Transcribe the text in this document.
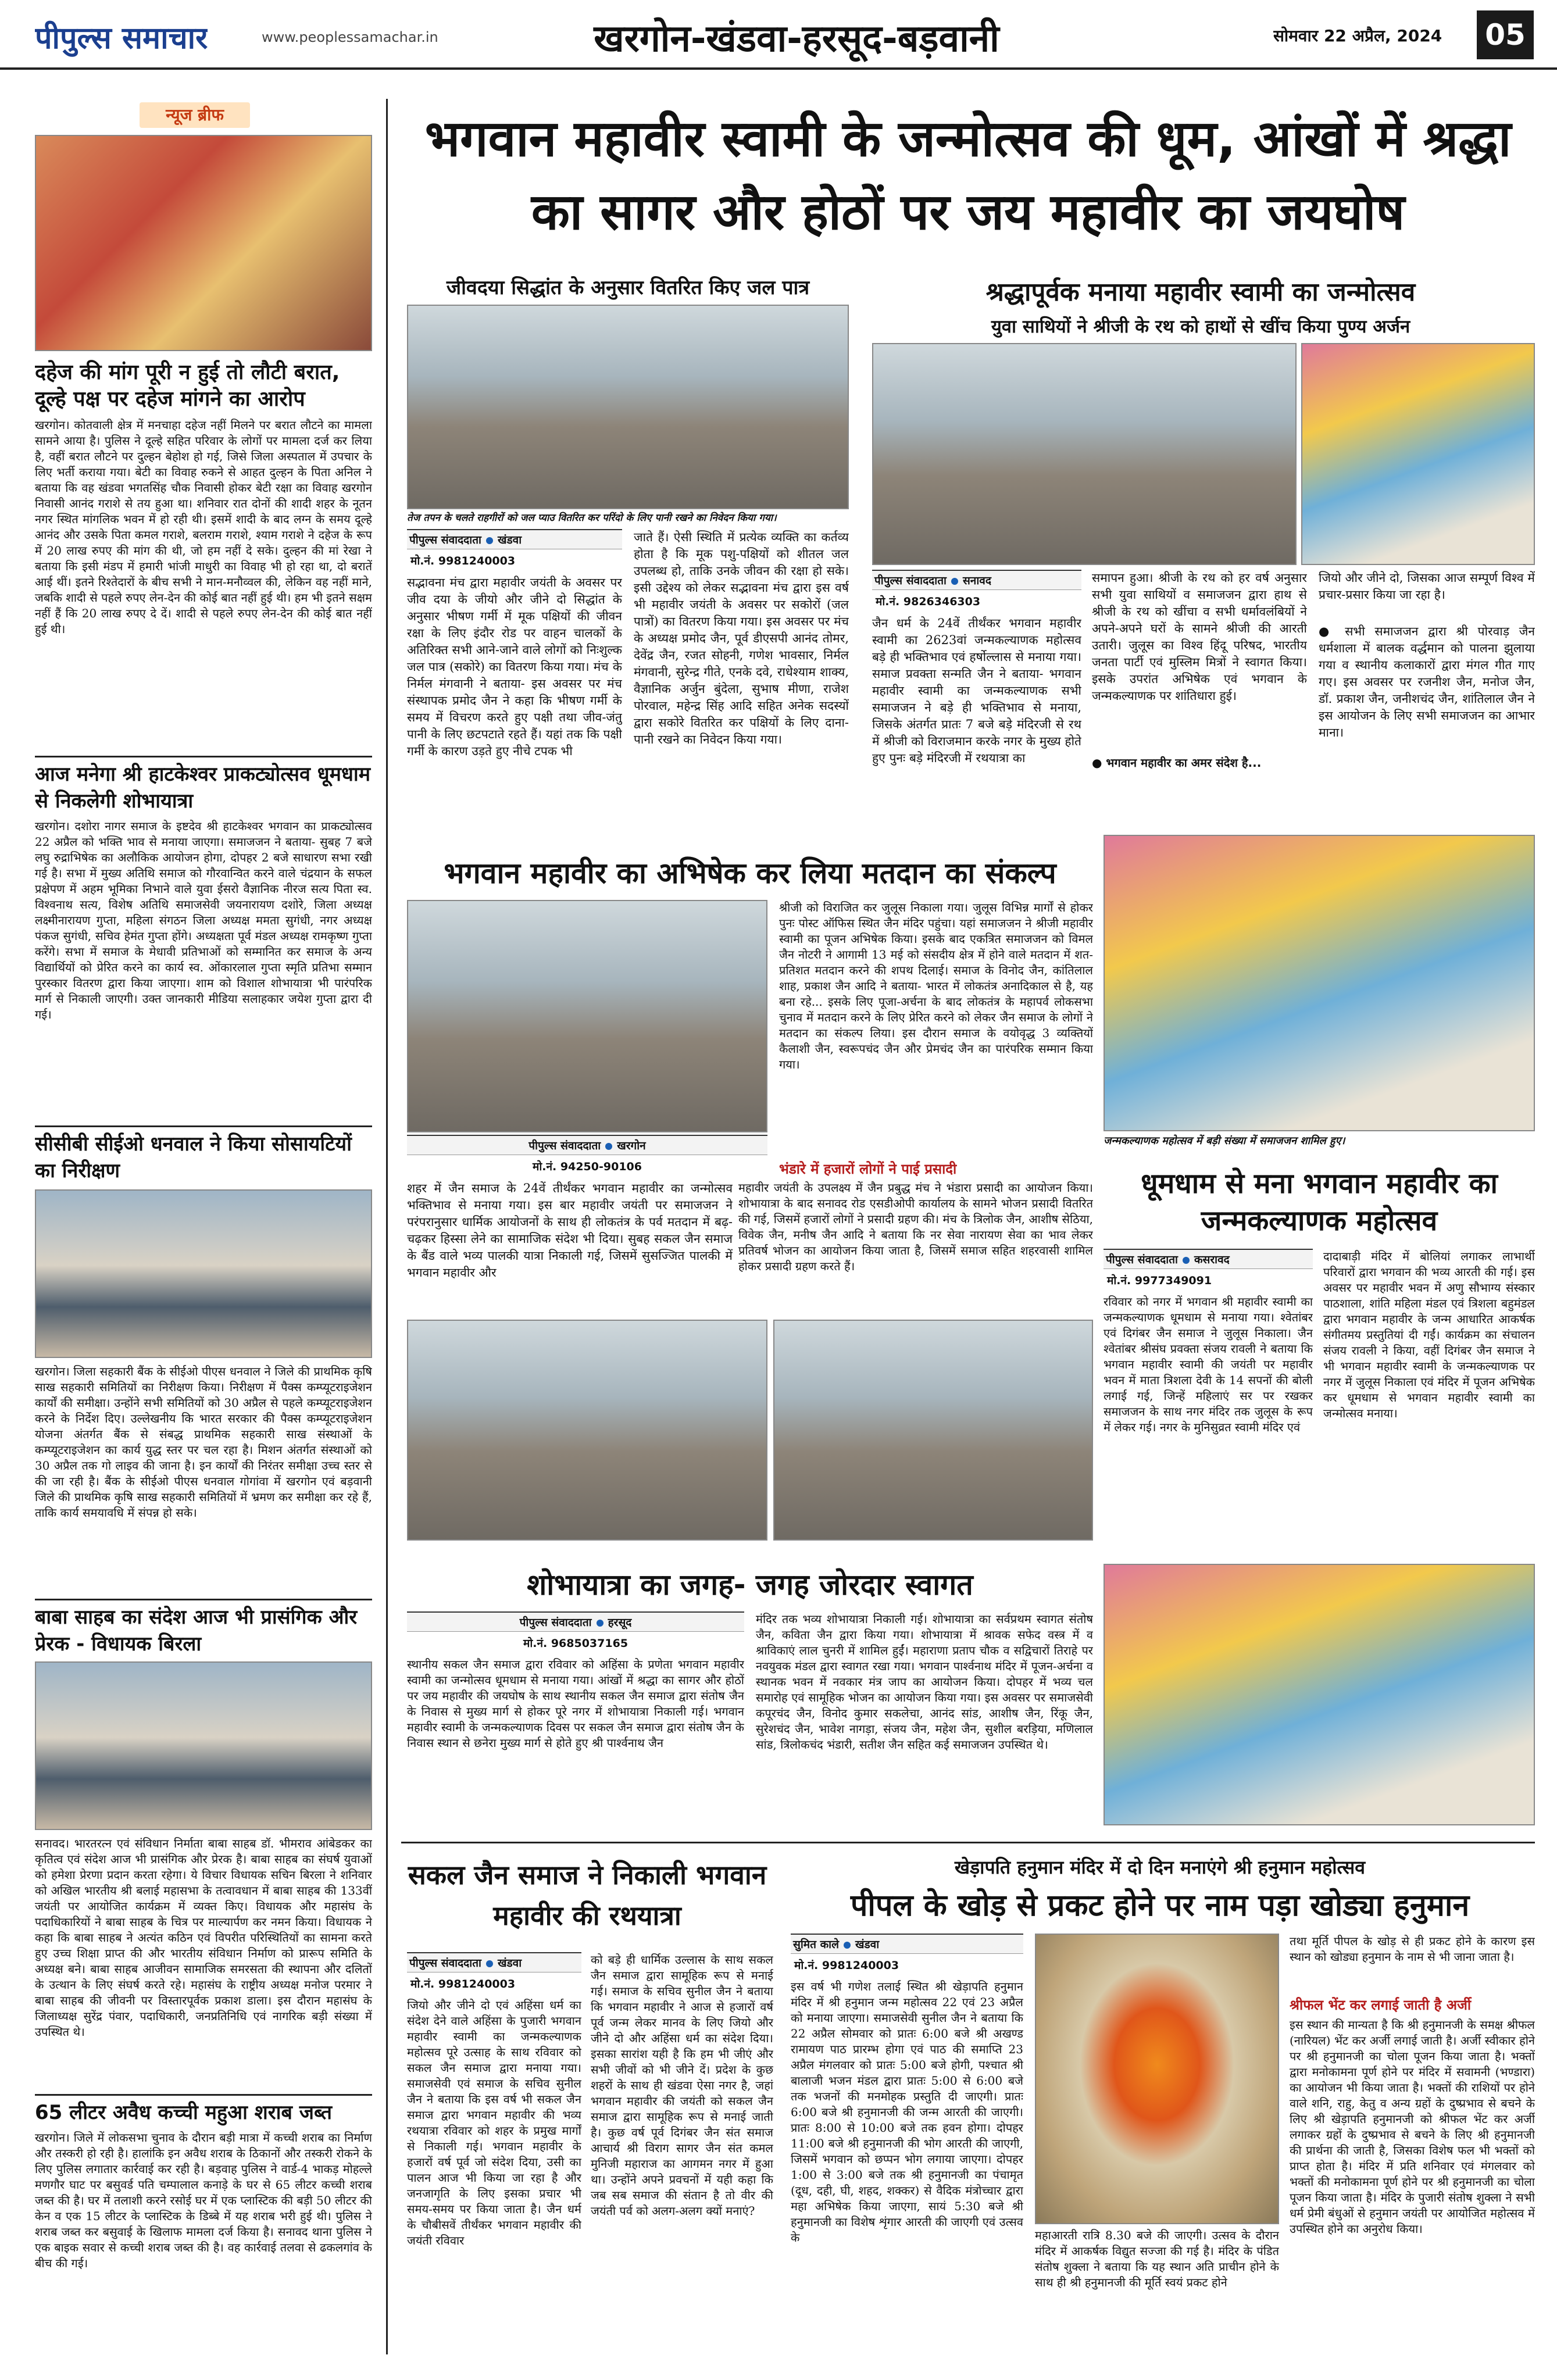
पीपुल्स समाचार	www.peoplessamachar.in	खरगोन-खंडवा-हरसूद-बड़वानी	सोमवार 22 अप्रैल, 2024 05
न्यूज ब्रीफ
दहेज की मांग पूरी न हुई तो लौटी बरात, दूल्हे पक्ष पर दहेज मांगने का आरोप
खरगोन। कोतवाली क्षेत्र में मनचाहा दहेज नहीं मिलने पर बरात लौटने का मामला सामने आया है। पुलिस ने दूल्हे सहित परिवार के लोगों पर मामला दर्ज कर लिया है, वहीं बरात लौटने पर दुल्हन बेहोश हो गई, जिसे जिला अस्पताल में उपचार के लिए भर्ती कराया गया। बेटी का विवाह रुकने से आहत दुल्हन के पिता अनिल ने बताया कि वह खंडवा भगतसिंह चौक निवासी होकर बेटी रक्षा का विवाह खरगोन निवासी आनंद गराशे से तय हुआ था। शनिवार रात दोनों की शादी शहर के नूतन नगर स्थित मांगलिक भवन में हो रही थी। इसमें शादी के बाद लग्न के समय दूल्हे आनंद और उसके पिता कमल गराशे, बलराम गराशे, श्याम गराशे ने दहेज के रूप में 20 लाख रुपए की मांग की थी, जो हम नहीं दे सके। दुल्हन की मां रेखा ने बताया कि इसी मंडप में हमारी भांजी माधुरी का विवाह भी हो रहा था, दो बरातें आई थीं। इतने रिश्तेदारों के बीच सभी ने मान-मनौव्वल की, लेकिन वह नहीं माने, जबकि शादी से पहले रुपए लेन-देन की कोई बात नहीं हुई थी। हम भी इतने सक्षम नहीं हैं कि 20 लाख रुपए दे दें। शादी से पहले रुपए लेन-देन की कोई बात नहीं हुई थी।
आज मनेगा श्री हाटकेश्वर प्राकट्योत्सव धूमधाम से निकलेगी शोभायात्रा
खरगोन। दशोरा नागर समाज के इष्टदेव श्री हाटकेश्वर भगवान का प्राकट्योत्सव 22 अप्रैल को भक्ति भाव से मनाया जाएगा। समाजजन ने बताया- सुबह 7 बजे लघु रुद्राभिषेक का अलौकिक आयोजन होगा, दोपहर 2 बजे साधारण सभा रखी गई है। सभा में मुख्य अतिथि समाज को गौरवान्वित करने वाले चंद्रयान के सफल प्रक्षेपण में अहम भूमिका निभाने वाले युवा ईसरो वैज्ञानिक नीरज सत्य पिता स्व. विश्वनाथ सत्य, विशेष अतिथि समाजसेवी जयनारायण दशोरे, जिला अध्यक्ष लक्ष्मीनारायण गुप्ता, महिला संगठन जिला अध्यक्ष ममता सुगंधी, नगर अध्यक्ष पंकज सुगंधी, सचिव हेमंत गुप्ता होंगे। अध्यक्षता पूर्व मंडल अध्यक्ष रामकृष्ण गुप्ता करेंगे। सभा में समाज के मेधावी प्रतिभाओं को सम्मानित कर समाज के अन्य विद्यार्थियों को प्रेरित करने का कार्य स्व. ओंकारलाल गुप्ता स्मृति प्रतिभा सम्मान पुरस्कार वितरण द्वारा किया जाएगा। शाम को विशाल शोभायात्रा भी पारंपरिक मार्ग से निकाली जाएगी। उक्त जानकारी मीडिया सलाहकार जयेश गुप्ता द्वारा दी गई।
सीसीबी सीईओ धनवाल ने किया सोसायटियों का निरीक्षण
खरगोन। जिला सहकारी बैंक के सीईओ पीएस धनवाल ने जिले की प्राथमिक कृषि साख सहकारी समितियों का निरीक्षण किया। निरीक्षण में पैक्स कम्प्यूटराइजेशन कार्यों की समीक्षा। उन्होंने सभी समितियों को 30 अप्रैल से पहले कम्प्यूटराइजेशन करने के निर्देश दिए। उल्लेखनीय कि भारत सरकार की पैक्स कम्प्यूटराइजेशन योजना अंतर्गत बैंक से संबद्ध प्राथमिक सहकारी साख संस्थाओं के कम्प्यूटराइजेशन का कार्य युद्ध स्तर पर चल रहा है। मिशन अंतर्गत संस्थाओं को 30 अप्रैल तक गो लाइव की जाना है। इन कार्यों की निरंतर समीक्षा उच्च स्तर से की जा रही है। बैंक के सीईओ पीएस धनवाल गोगांवा में खरगोन एवं बड़वानी जिले की प्राथमिक कृषि साख सहकारी समितियों में भ्रमण कर समीक्षा कर रहे हैं, ताकि कार्य समयावधि में संपन्न हो सके।
बाबा साहब का संदेश आज भी प्रासंगिक और प्रेरक - विधायक बिरला
सनावद। भारतरत्न एवं संविधान निर्माता बाबा साहब डॉ. भीमराव आंबेडकर का कृतित्व एवं संदेश आज भी प्रासंगिक और प्रेरक है। बाबा साहब का संघर्ष युवाओं को हमेशा प्रेरणा प्रदान करता रहेगा। ये विचार विधायक सचिन बिरला ने शनिवार को अखिल भारतीय श्री बलाई महासभा के तत्वावधान में बाबा साहब की 133वीं जयंती पर आयोजित कार्यक्रम में व्यक्त किए। विधायक और महासंघ के पदाधिकारियों ने बाबा साहब के चित्र पर माल्यार्पण कर नमन किया। विधायक ने कहा कि बाबा साहब ने अत्यंत कठिन एवं विपरीत परिस्थितियों का सामना करते हुए उच्च शिक्षा प्राप्त की और भारतीय संविधान निर्माण को प्रारूप समिति के अध्यक्ष बने। बाबा साहब आजीवन सामाजिक समरसता की स्थापना और दलितों के उत्थान के लिए संघर्ष करते रहे। महासंघ के राष्ट्रीय अध्यक्ष मनोज परमार ने बाबा साहब की जीवनी पर विस्तारपूर्वक प्रकाश डाला। इस दौरान महासंघ के जिलाध्यक्ष सुरेंद्र पंवार, पदाधिकारी, जनप्रतिनिधि एवं नागरिक बड़ी संख्या में उपस्थित थे।
65 लीटर अवैध कच्ची महुआ शराब जब्त
खरगोन। जिले में लोकसभा चुनाव के दौरान बड़ी मात्रा में कच्ची शराब का निर्माण और तस्करी हो रही है। हालांकि इन अवैध शराब के ठिकानों और तस्करी रोकने के लिए पुलिस लगातार कार्रवाई कर रही है। बड़वाह पुलिस ने वार्ड-4 भाकड़ मोहल्ले मणगौर घाट पर बसुवर्ड पति चम्पालाल कनाड़े के घर से 65 लीटर कच्ची शराब जब्त की है। घर में तलाशी करने रसोई घर में एक प्लास्टिक की बड़ी 50 लीटर की केन व एक 15 लीटर के प्लास्टिक के डिब्बे में यह शराब भरी हुई थी। पुलिस ने शराब जब्त कर बसुवाई के खिलाफ मामला दर्ज किया है। सनावद थाना पुलिस ने एक बाइक सवार से कच्ची शराब जब्त की है। वह कार्रवाई तलवा से ढकलगांव के बीच की गई।
भगवान महावीर स्वामी के जन्मोत्सव की धूम, आंखों में श्रद्धा का सागर और होठों पर जय महावीर का जयघोष
जीवदया सिद्धांत के अनुसार वितरित किए जल पात्र
तेज तपन के चलते राहगीरों को जल प्याउ वितरित कर परिंदो के लिए पानी रखने का निवेदन किया गया।
पीपुल्स संवाददाता खंडवा
मो.नं. 9981240003
सद्भावना मंच द्वारा महावीर जयंती के अवसर पर जीव दया के जीयो और जीने दो सिद्धांत के अनुसार भीषण गर्मी में मूक पक्षियों की जीवन रक्षा के लिए इंदौर रोड पर वाहन चालकों के अतिरिक्त सभी आने-जाने वाले लोगों को निःशुल्क जल पात्र (सकोरे) का वितरण किया गया। मंच के निर्मल मंगवानी ने बताया- इस अवसर पर मंच संस्थापक प्रमोद जैन ने कहा कि भीषण गर्मी के समय में विचरण करते हुए पक्षी तथा जीव-जंतु पानी के लिए छटपटाते रहते हैं। यहां तक कि पक्षी गर्मी के कारण उड़ते हुए नीचे टपक भी
जाते हैं। ऐसी स्थिति में प्रत्येक व्यक्ति का कर्तव्य होता है कि मूक पशु-पक्षियों को शीतल जल उपलब्ध हो, ताकि उनके जीवन की रक्षा हो सके। इसी उद्देश्य को लेकर सद्भावना मंच द्वारा इस वर्ष भी महावीर जयंती के अवसर पर सकोरों (जल पात्रों) का वितरण किया गया। इस अवसर पर मंच के अध्यक्ष प्रमोद जैन, पूर्व डीएसपी आनंद तोमर, देवेंद्र जैन, रजत सोहनी, गणेश भावसार, निर्मल मंगवानी, सुरेन्द्र गीते, एनके दवे, राधेश्याम शाक्य, वैज्ञानिक अर्जुन बुंदेला, सुभाष मीणा, राजेश पोरवाल, महेन्द्र सिंह आदि सहित अनेक सदस्यों द्वारा सकोरे वितरित कर पक्षियों के लिए दाना-पानी रखने का निवेदन किया गया।
श्रद्धापूर्वक मनाया महावीर स्वामी का जन्मोत्सव
युवा साथियों ने श्रीजी के रथ को हाथों से खींच किया पुण्य अर्जन
पीपुल्स संवाददाता सनावद
मो.नं. 9826346303
जैन धर्म के 24वें तीर्थंकर भगवान महावीर स्वामी का 2623वां जन्मकल्याणक महोत्सव बड़े ही भक्तिभाव एवं हर्षोल्लास से मनाया गया। समाज प्रवक्ता सन्मति जैन ने बताया- भगवान महावीर स्वामी का जन्मकल्याणक सभी समाजजन ने बड़े ही भक्तिभाव से मनाया, जिसके अंतर्गत प्रातः 7 बजे बड़े मंदिरजी से रथ में श्रीजी को विराजमान करके नगर के मुख्य होते हुए पुनः बड़े मंदिरजी में रथयात्रा का
समापन हुआ। श्रीजी के रथ को हर वर्ष अनुसार सभी युवा साथियों व समाजजन द्वारा हाथ से श्रीजी के रथ को खींचा व सभी धर्मावलंबियों ने अपने-अपने घरों के सामने श्रीजी की आरती उतारी। जुलूस का विश्व हिंदू परिषद, भारतीय जनता पार्टी एवं मुस्लिम मित्रों ने स्वागत किया। इसके उपरांत अभिषेक एवं भगवान के जन्मकल्याणक पर शांतिधारा हुई।
● भगवान महावीर का अमर संदेश है...
जियो और जीने दो, जिसका आज सम्पूर्ण विश्व में प्रचार-प्रसार किया जा रहा है।
● सभी समाजजन द्वारा श्री पोरवाड़ जैन धर्मशाला में बालक वर्द्धमान को पालना झुलाया गया व स्थानीय कलाकारों द्वारा मंगल गीत गाए गए। इस अवसर पर रजनीश जैन, मनोज जैन, डॉ. प्रकाश जैन, जनीशचंद जैन, शांतिलाल जैन ने इस आयोजन के लिए सभी समाजजन का आभार माना।
भगवान महावीर का अभिषेक कर लिया मतदान का संकल्प
पीपुल्स संवाददाता खरगोन
मो.नं. 94250-90106
शहर में जैन समाज के 24वें तीर्थंकर भगवान महावीर का जन्मोत्सव भक्तिभाव से मनाया गया। इस बार महावीर जयंती पर समाजजन ने परंपरानुसार धार्मिक आयोजनों के साथ ही लोकतंत्र के पर्व मतदान में बढ़-चढ़कर हिस्सा लेने का सामाजिक संदेश भी दिया। सुबह सकल जैन समाज के बैंड वाले भव्य पालकी यात्रा निकाली गई, जिसमें सुसज्जित पालकी में भगवान महावीर और
श्रीजी को विराजित कर जुलूस निकाला गया। जुलूस विभिन्न मार्गों से होकर पुनः पोस्ट ऑफिस स्थित जैन मंदिर पहुंचा। यहां समाजजन ने श्रीजी महावीर स्वामी का पूजन अभिषेक किया। इसके बाद एकत्रित समाजजन को विमल जैन नोटरी ने आगामी 13 मई को संसदीय क्षेत्र में होने वाले मतदान में शत-प्रतिशत मतदान करने की शपथ दिलाई। समाज के विनोद जैन, कांतिलाल शाह, प्रकाश जैन आदि ने बताया- भारत में लोकतंत्र अनादिकाल से है, यह बना रहे... इसके लिए पूजा-अर्चना के बाद लोकतंत्र के महापर्व लोकसभा चुनाव में मतदान करने के लिए प्रेरित करने को लेकर जैन समाज के लोगों ने मतदान का संकल्प लिया। इस दौरान समाज के वयोवृद्ध 3 व्यक्तियों कैलाशी जैन, स्वरूपचंद जैन और प्रेमचंद जैन का पारंपरिक सम्मान किया गया।
भंडारे में हजारों लोगों ने पाई प्रसादी
महावीर जयंती के उपलक्ष्य में जैन प्रबुद्ध मंच ने भंडारा प्रसादी का आयोजन किया। शोभायात्रा के बाद सनावद रोड एसडीओपी कार्यालय के सामने भोजन प्रसादी वितरित की गई, जिसमें हजारों लोगों ने प्रसादी ग्रहण की। मंच के त्रिलोक जैन, आशीष सेठिया, विवेक जैन, मनीष जैन आदि ने बताया कि नर सेवा नारायण सेवा का भाव लेकर प्रतिवर्ष भोजन का आयोजन किया जाता है, जिसमें समाज सहित शहरवासी शामिल होकर प्रसादी ग्रहण करते हैं।
जन्मकल्याणक महोत्सव में बड़ी संख्या में समाजजन शामिल हुए।
धूमधाम से मना भगवान महावीर का जन्मकल्याणक महोत्सव
पीपुल्स संवाददाता कसरावद
मो.नं. 9977349091
रविवार को नगर में भगवान श्री महावीर स्वामी का जन्मकल्याणक धूमधाम से मनाया गया। श्वेतांबर एवं दिगंबर जैन समाज ने जुलूस निकाला। जैन श्वेतांबर श्रीसंघ प्रवक्ता संजय रावली ने बताया कि भगवान महावीर स्वामी की जयंती पर महावीर भवन में माता त्रिशला देवी के 14 सपनों की बोली लगाई गई, जिन्हें महिलाएं सर पर रखकर समाजजन के साथ नगर मंदिर तक जुलूस के रूप में लेकर गई। नगर के मुनिसुव्रत स्वामी मंदिर एवं
दादाबाड़ी मंदिर में बोलियां लगाकर लाभार्थी परिवारों द्वारा भगवान की भव्य आरती की गई। इस अवसर पर महावीर भवन में अणु सौभाग्य संस्कार पाठशाला, शांति महिला मंडल एवं त्रिशला बहुमंडल द्वारा भगवान महावीर के जन्म आधारित आकर्षक संगीतमय प्रस्तुतियां दी गईं। कार्यक्रम का संचालन संजय रावली ने किया, वहीं दिगंबर जैन समाज ने भी भगवान महावीर स्वामी के जन्मकल्याणक पर नगर में जुलूस निकाला एवं मंदिर में पूजन अभिषेक कर धूमधाम से भगवान महावीर स्वामी का जन्मोत्सव मनाया।
शोभायात्रा का जगह- जगह जोरदार स्वागत
पीपुल्स संवाददाता हरसूद
मो.नं. 9685037165
स्थानीय सकल जैन समाज द्वारा रविवार को अहिंसा के प्रणेता भगवान महावीर स्वामी का जन्मोत्सव धूमधाम से मनाया गया। आंखों में श्रद्धा का सागर और होठों पर जय महावीर की जयघोष के साथ स्थानीय सकल जैन समाज द्वारा संतोष जैन के निवास से मुख्य मार्ग से होकर पूरे नगर में शोभायात्रा निकाली गई। भगवान महावीर स्वामी के जन्मकल्याणक दिवस पर सकल जैन समाज द्वारा संतोष जैन के निवास स्थान से छनेरा मुख्य मार्ग से होते हुए श्री पार्श्वनाथ जैन
मंदिर तक भव्य शोभायात्रा निकाली गई। शोभायात्रा का सर्वप्रथम स्वागत संतोष जैन, कविता जैन द्वारा किया गया। शोभायात्रा में श्रावक सफेद वस्त्र में व श्राविकाएं लाल चुनरी में शामिल हुईं। महाराणा प्रताप चौक व सद्विचारों तिराहे पर नवयुवक मंडल द्वारा स्वागत रखा गया। भगवान पार्श्वनाथ मंदिर में पूजन-अर्चना व स्थानक भवन में नवकार मंत्र जाप का आयोजन किया। दोपहर में भव्य चल समारोह एवं सामूहिक भोजन का आयोजन किया गया। इस अवसर पर समाजसेवी कपूरचंद जैन, विनोद कुमार सकलेचा, आनंद सांड, आशीष जैन, रिंकू जैन, सुरेशचंद जैन, भावेश नागड़ा, संजय जैन, महेश जैन, सुशील बरड़िया, मणिलाल सांड, त्रिलोकचंद भंडारी, सतीश जैन सहित कई समाजजन उपस्थित थे।
सकल जैन समाज ने निकाली भगवान महावीर की रथयात्रा
पीपुल्स संवाददाता खंडवा
मो.नं. 9981240003
जियो और जीने दो एवं अहिंसा धर्म का संदेश देने वाले अहिंसा के पुजारी भगवान महावीर स्वामी का जन्मकल्याणक महोत्सव पूरे उत्साह के साथ रविवार को सकल जैन समाज द्वारा मनाया गया। समाजसेवी एवं समाज के सचिव सुनील जैन ने बताया कि इस वर्ष भी सकल जैन समाज द्वारा भगवान महावीर की भव्य रथयात्रा रविवार को शहर के प्रमुख मार्गों से निकाली गई। भगवान महावीर के हजारों वर्ष पूर्व जो संदेश दिया, उसी का पालन आज भी किया जा रहा है और जनजागृति के लिए इसका प्रचार भी समय-समय पर किया जाता है। जैन धर्म के चौबीसवें तीर्थंकर भगवान महावीर की जयंती रविवार
को बड़े ही धार्मिक उल्लास के साथ सकल जैन समाज द्वारा सामूहिक रूप से मनाई गई। समाज के सचिव सुनील जैन ने बताया कि भगवान महावीर ने आज से हजारों वर्ष पूर्व जन्म लेकर मानव के लिए जियो और जीने दो और अहिंसा धर्म का संदेश दिया। इसका सारांश यही है कि हम भी जीएं और सभी जीवों को भी जीने दें। प्रदेश के कुछ शहरों के साथ ही खंडवा ऐसा नगर है, जहां भगवान महावीर की जयंती को सकल जैन समाज द्वारा सामूहिक रूप से मनाई जाती है। कुछ वर्ष पूर्व दिगंबर जैन संत समाज आचार्य श्री विराग सागर जैन संत कमल मुनिजी महाराज का आगमन नगर में हुआ था। उन्होंने अपने प्रवचनों में यही कहा कि जब सब समाज की संतान है तो वीर की जयंती पर्व को अलग-अलग क्यों मनाएं?
खेड़ापति हनुमान मंदिर में दो दिन मनाएंगे श्री हनुमान महोत्सव
पीपल के खोड़ से प्रकट होने पर नाम पड़ा खोड्या हनुमान
सुमित काले खंडवा
मो.नं. 9981240003
इस वर्ष भी गणेश तलाई स्थित श्री खेड़ापति हनुमान मंदिर में श्री हनुमान जन्म महोत्सव 22 एवं 23 अप्रैल को मनाया जाएगा। समाजसेवी सुनील जैन ने बताया कि 22 अप्रैल सोमवार को प्रातः 6:00 बजे श्री अखण्ड रामायण पाठ प्रारम्भ होगा एवं पाठ की समाप्ति 23 अप्रैल मंगलवार को प्रातः 5:00 बजे होगी, पश्चात श्री बालाजी भजन मंडल द्वारा प्रातः 5:00 से 6:00 बजे तक भजनों की मनमोहक प्रस्तुति दी जाएगी। प्रातः 6:00 बजे श्री हनुमानजी की जन्म आरती की जाएगी। प्रातः 8:00 से 10:00 बजे तक हवन होगा। दोपहर 11:00 बजे श्री हनुमानजी की भोग आरती की जाएगी, जिसमें भगवान को छप्पन भोग लगाया जाएगा। दोपहर 1:00 से 3:00 बजे तक श्री हनुमानजी का पंचामृत (दूध, दही, घी, शहद, शक्कर) से वैदिक मंत्रोच्चार द्वारा महा अभिषेक किया जाएगा, सायं 5:30 बजे श्री हनुमानजी का विशेष शृंगार आरती की जाएगी एवं उत्सव के	महाआरती रात्रि 8.30 बजे की जाएगी। उत्सव के दौरान मंदिर में आकर्षक विद्युत सज्जा की गई है। मंदिर के पंडित संतोष शुक्ला ने बताया कि यह स्थान अति प्राचीन होने के साथ ही श्री हनुमानजी की मूर्ति स्वयं प्रकट होने
तथा मूर्ति पीपल के खोड़ से ही प्रकट होने के कारण इस स्थान को खोड्या हनुमान के नाम से भी जाना जाता है।
श्रीफल भेंट कर लगाई जाती है अर्जी
इस स्थान की मान्यता है कि श्री हनुमानजी के समक्ष श्रीफल (नारियल) भेंट कर अर्जी लगाई जाती है। अर्जी स्वीकार होने पर श्री हनुमानजी का चोला पूजन किया जाता है। भक्तों द्वारा मनोकामना पूर्ण होने पर मंदिर में सवामनी (भण्डारा) का आयोजन भी किया जाता है। भक्तों की राशियों पर होने वाले शनि, राहु, केतु व अन्य ग्रहों के दुष्प्रभाव से बचने के लिए श्री खेड़ापति हनुमानजी को श्रीफल भेंट कर अर्जी लगाकर ग्रहों के दुष्प्रभाव से बचने के लिए श्री हनुमानजी की प्रार्थना की जाती है, जिसका विशेष फल भी भक्तों को प्राप्त होता है। मंदिर में प्रति शनिवार एवं मंगलवार को भक्तों की मनोकामना पूर्ण होने पर श्री हनुमानजी का चोला पूजन किया जाता है। मंदिर के पुजारी संतोष शुक्ला ने सभी धर्म प्रेमी बंधुओं से हनुमान जयंती पर आयोजित महोत्सव में उपस्थित होने का अनुरोध किया।
